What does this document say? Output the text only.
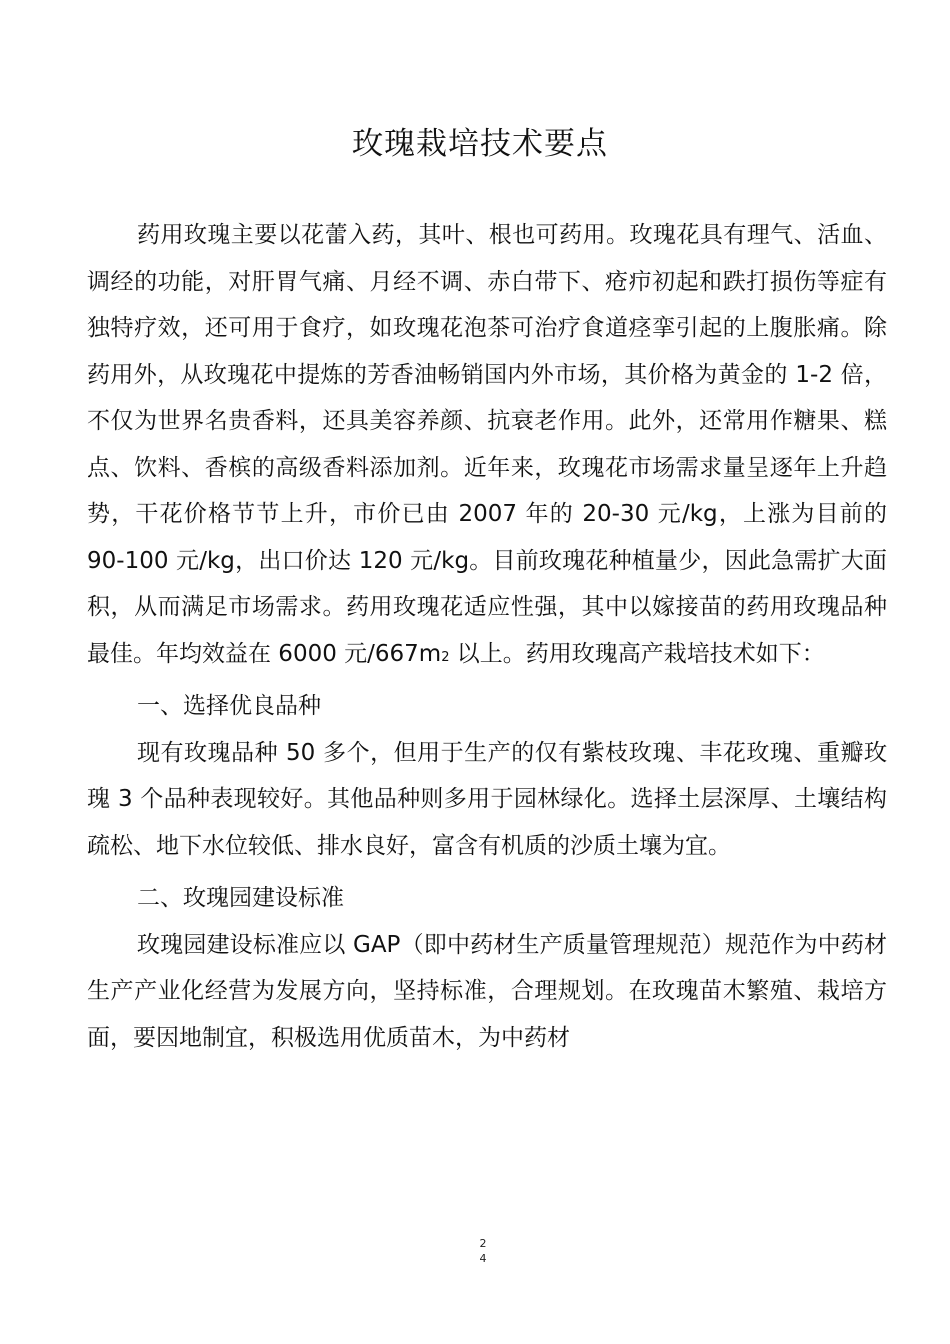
玫瑰栽培技术要点

药用玫瑰主要以花蕾入药，其叶、根也可药用。玫瑰花具有理气、活血、调经的功能，对肝胃气痛、月经不调、赤白带下、疮疖初起和跌打损伤等症有独特疗效，还可用于食疗，如玫瑰花泡茶可治疗食道痉挛引起的上腹胀痛。除药用外，从玫瑰花中提炼的芳香油畅销国内外市场，其价格为黄金的 1-2 倍，不仅为世界名贵香料，还具美容养颜、抗衰老作用。此外，还常用作糖果、糕点、饮料、香槟的高级香料添加剂。近年来，玫瑰花市场需求量呈逐年上升趋势，干花价格节节上升，市价已由 2007 年的 20-30 元/kg，上涨为目前的 90-100 元/kg，出口价达 120 元/kg。目前玫瑰花种植量少，因此急需扩大面积，从而满足市场需求。药用玫瑰花适应性强，其中以嫁接苗的药用玫瑰品种最佳。年均效益在 6000 元/667m2 以上。药用玫瑰高产栽培技术如下：

一、选择优良品种

现有玫瑰品种 50 多个，但用于生产的仅有紫枝玫瑰、丰花玫瑰、重瓣玫瑰 3 个品种表现较好。其他品种则多用于园林绿化。选择土层深厚、土壤结构疏松、地下水位较低、排水良好，富含有机质的沙质土壤为宜。

二、玫瑰园建设标准

玫瑰园建设标准应以 GAP（即中药材生产质量管理规范）规范作为中药材生产产业化经营为发展方向，坚持标准，合理规划。在玫瑰苗木繁殖、栽培方面，要因地制宜，积极选用优质苗木，为中药材

2
4
